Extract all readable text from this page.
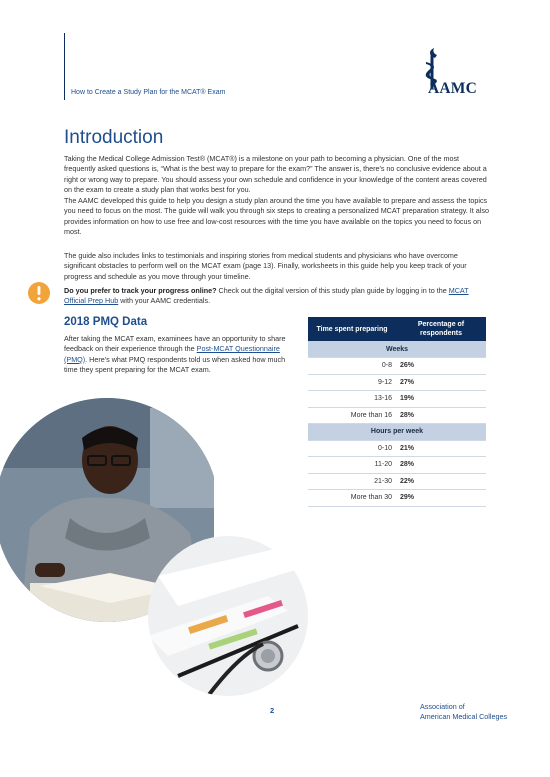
How to Create a Study Plan for the MCAT® Exam	AAMC
Introduction

Taking the Medical College Admission Test® (MCAT®) is a milestone on your path to becoming a physician. One of the most frequently asked questions is, “What is the best way to prepare for the exam?” The answer is, there's no conclusive evidence about a right or wrong way to prepare. You should assess your own schedule and confidence in your knowledge of the content areas covered on the exam to create a study plan that works best for you.

The AAMC developed this guide to help you design a study plan around the time you have available to prepare and assess the topics you need to focus on the most. The guide will walk you through six steps to creating a personalized MCAT preparation strategy. It also provides information on how to use free and low-cost resources with the time you have available on the topics you need to focus on most.

The guide also includes links to testimonials and inspiring stories from medical students and physicians who have overcome significant obstacles to perform well on the MCAT exam (page 13). Finally, worksheets in this guide help you keep track of your progress and schedule as you move through your timeline.

Do you prefer to track your progress online? Check out the digital version of this study plan guide by logging in to the MCAT Official Prep Hub with your AAMC credentials.

2018 PMQ Data

After taking the MCAT exam, examinees have an opportunity to share feedback on their experience through the Post-MCAT Questionnaire (PMQ). Here's what PMQ respondents told us when asked how much time they spent preparing for the MCAT exam.

Time spent preparing	Percentage of respondents
Weeks	
0-8	26%
9-12	27%
13-16	19%
More than 16	28%
Hours per week	
0-10	21%
11-20	28%
21-30	22%
More than 30	29%
2	Association of
American Medical Colleges
